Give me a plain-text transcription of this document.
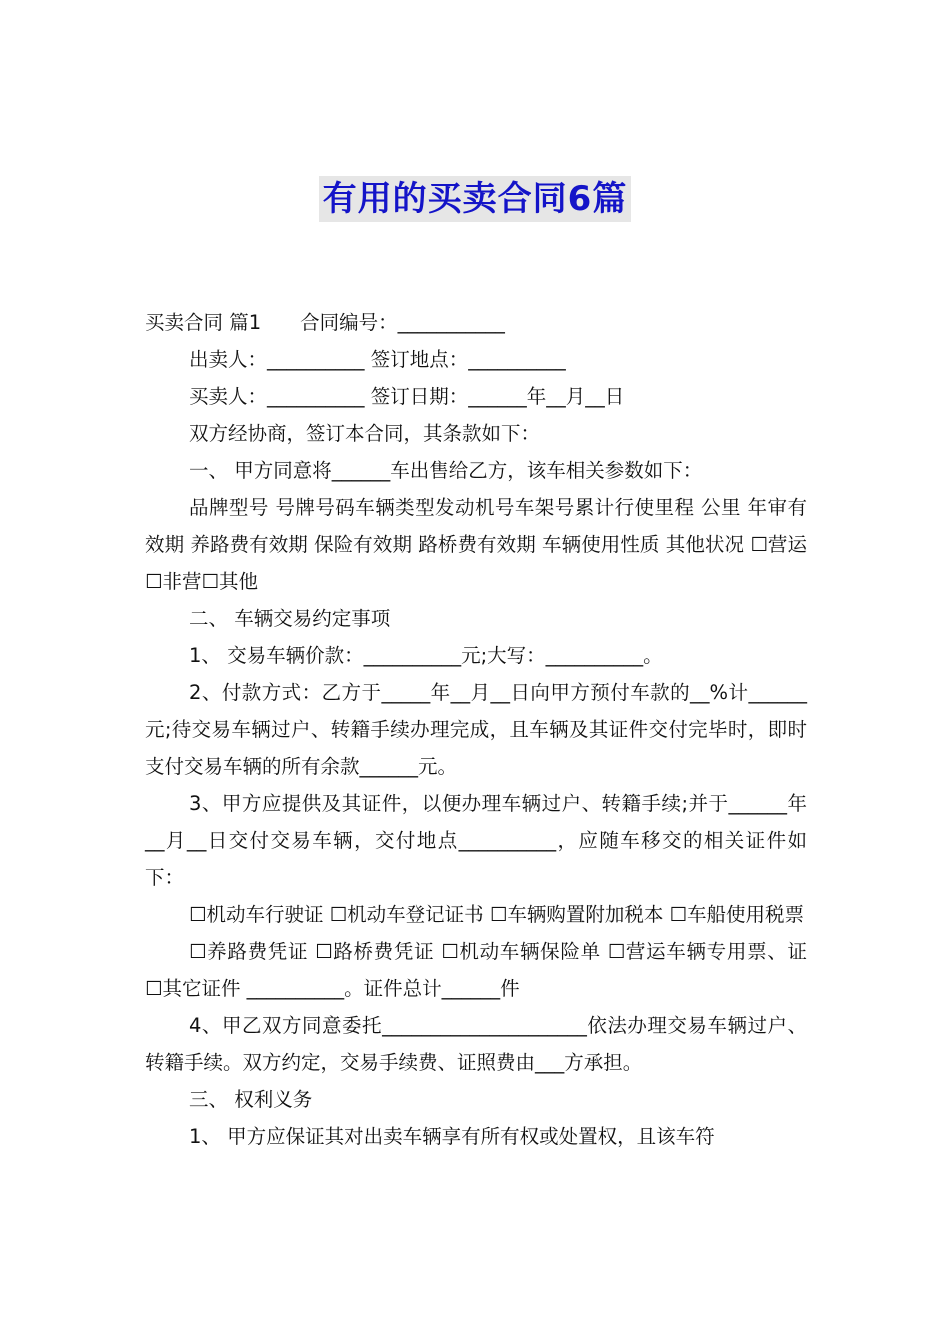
有用的买卖合同6篇

买卖合同 篇1　　合同编号：___________

出卖人：__________ 签订地点：__________

买卖人：__________ 签订日期：______年__月__日

双方经协商，签订本合同，其条款如下：

一、 甲方同意将______车出售给乙方，该车相关参数如下：

品牌型号 号牌号码车辆类型发动机号车架号累计行使里程 公里 年审有效期 养路费有效期 保险有效期 路桥费有效期 车辆使用性质 其他状况 ☐营运☐非营☐其他

二、 车辆交易约定事项

1、 交易车辆价款：__________元;大写：__________。

2、付款方式：乙方于_____年__月__日向甲方预付车款的__%计______元;待交易车辆过户、转籍手续办理完成，且车辆及其证件交付完毕时，即时支付交易车辆的所有余款______元。

3、甲方应提供及其证件，以便办理车辆过户、转籍手续;并于______年__月__日交付交易车辆，交付地点__________，应随车移交的相关证件如下：

☐机动车行驶证 ☐机动车登记证书 ☐车辆购置附加税本 ☐车船使用税票

☐养路费凭证 ☐路桥费凭证 ☐机动车辆保险单 ☐营运车辆专用票、证 ☐其它证件 __________。证件总计______件

4、甲乙双方同意委托_____________________依法办理交易车辆过户、转籍手续。双方约定，交易手续费、证照费由___方承担。

三、 权利义务

1、 甲方应保证其对出卖车辆享有所有权或处置权，且该车符
